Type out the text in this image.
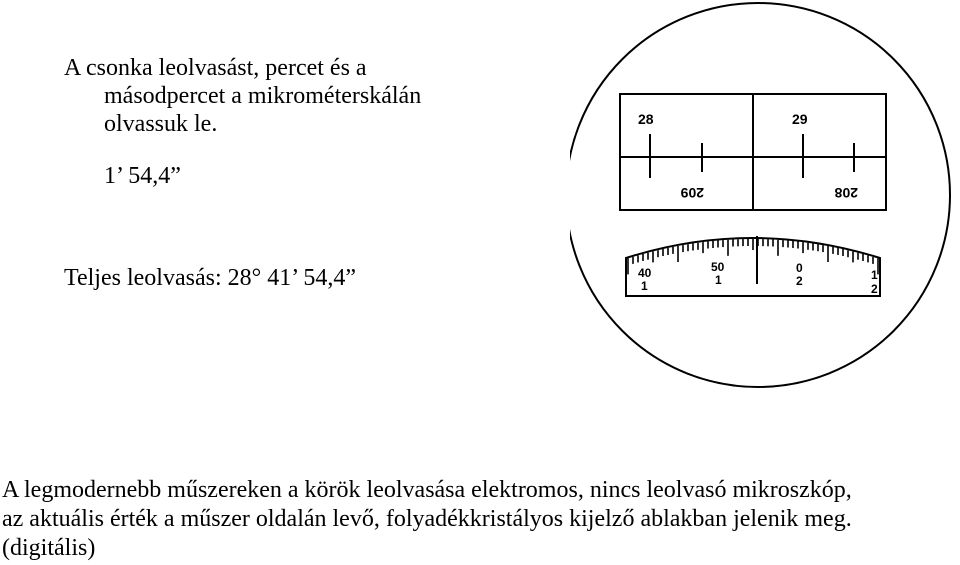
A csonka leolvasást, percet és a
másodpercet a mikrométerskálán
olvassuk le.
1’ 54,4”
Teljes leolvasás: 28° 41’ 54,4”
A legmodernebb műszereken a körök leolvasása elektromos, nincs leolvasó mikroszkóp,
az aktuális érték a műszer oldalán levő, folyadékkristályos kijelző ablakban jelenik meg.
(digitális)
28	29
209	208
40	50	0	1
1	1	2
2
